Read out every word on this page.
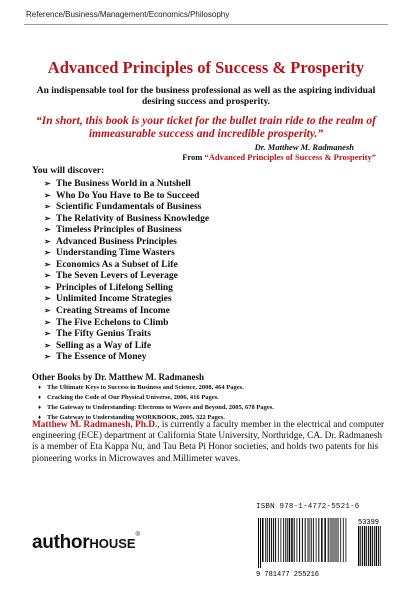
Reference/Business/Management/Economics/Philosophy
Advanced Principles of Success & Prosperity
An indispensable tool for the business professional as well as the aspiring individual desiring success and prosperity.
“In short, this book is your ticket for the bullet train ride to the realm of immeasurable success and incredible prosperity.”
Dr. Matthew M. Radmanesh
From “Advanced Principles of Success & Prosperity”
You will discover:
➢ The Business World in a Nutshell
➢ Who Do You Have to Be to Succeed
➢ Scientific Fundamentals of Business
➢ The Relativity of Business Knowledge
➢ Timeless Principles of Business
➢ Advanced Business Principles
➢ Understanding Time Wasters
➢ Economics As a Subset of Life
➢ The Seven Levers of Leverage
➢ Principles of Lifelong Selling
➢ Unlimited Income Strategies
➢ Creating Streams of Income
➢ The Five Echelons to Climb
➢ The Fifty Genius Traits
➢ Selling as a Way of Life
➢ The Essence of Money
Other Books by Dr. Matthew M. Radmanesh
♦ The Ultimate Keys to Success in Business and Science, 2008, 464 Pages.
♦ Cracking the Code of Our Physical Universe, 2006, 416 Pages.
♦ The Gateway to Understanding: Electrons to Waves and Beyond, 2005, 678 Pages.
♦ The Gateway to Understanding WORKBOOK, 2005, 322 Pages.
Matthew M. Radmanesh, Ph.D., is currently a faculty member in the electrical and computer engineering (ECE) department at California State University, Northridge, CA. Dr. Radmanesh is a member of Eta Kappa Nu, and Tau Beta Pi Honor societies, and holds two patents for his pioneering works in Microwaves and Millimeter waves.
ISBN 978-1-4772-5521-6
9 781477 255216
53399
authorHOUSE®
